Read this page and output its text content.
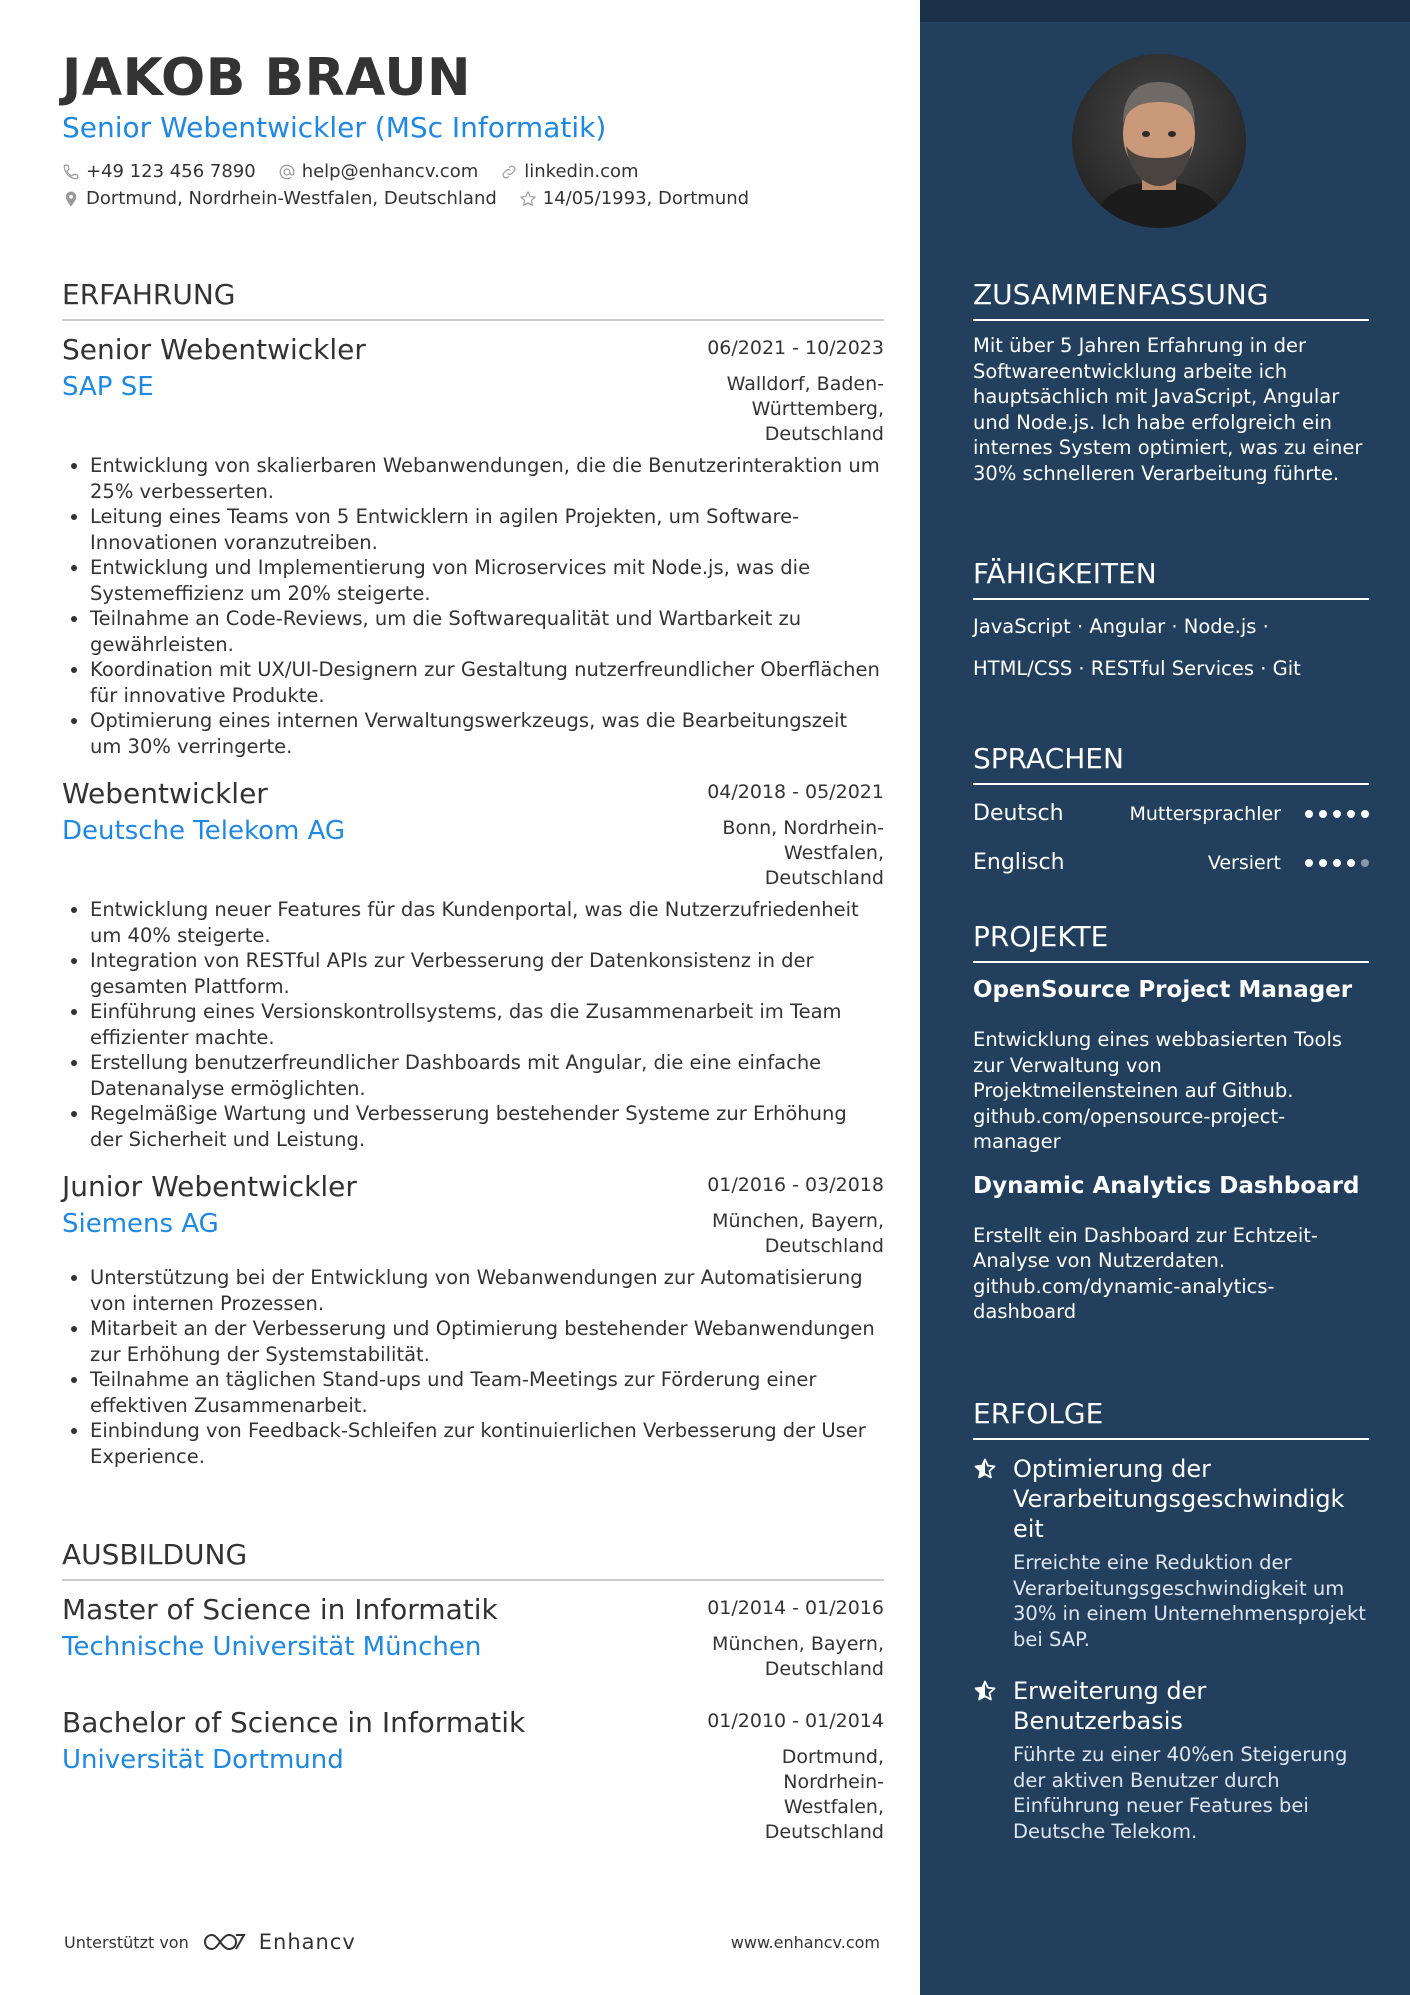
JAKOB BRAUN
Senior Webentwickler (MSc Informatik)
+49 123 456 7890	help@enhancv.com	linkedin.com
Dortmund, Nordrhein-Westfalen, Deutschland	14/05/1993, Dortmund
ERFAHRUNG
Senior Webentwickler	06/2021 - 10/2023
SAP SE	Walldorf, Baden-
Württemberg,
Deutschland
• Entwicklung von skalierbaren Webanwendungen, die die Benutzerinteraktion um 25% verbesserten.
• Leitung eines Teams von 5 Entwicklern in agilen Projekten, um Software-Innovationen voranzutreiben.
• Entwicklung und Implementierung von Microservices mit Node.js, was die Systemeffizienz um 20% steigerte.
• Teilnahme an Code-Reviews, um die Softwarequalität und Wartbarkeit zu gewährleisten.
• Koordination mit UX/UI-Designern zur Gestaltung nutzerfreundlicher Oberflächen für innovative Produkte.
• Optimierung eines internen Verwaltungswerkzeugs, was die Bearbeitungszeit um 30% verringerte.
Webentwickler	04/2018 - 05/2021
Deutsche Telekom AG	Bonn, Nordrhein-
Westfalen,
Deutschland
• Entwicklung neuer Features für das Kundenportal, was die Nutzerzufriedenheit um 40% steigerte.
• Integration von RESTful APIs zur Verbesserung der Datenkonsistenz in der gesamten Plattform.
• Einführung eines Versionskontrollsystems, das die Zusammenarbeit im Team effizienter machte.
• Erstellung benutzerfreundlicher Dashboards mit Angular, die eine einfache Datenanalyse ermöglichten.
• Regelmäßige Wartung und Verbesserung bestehender Systeme zur Erhöhung der Sicherheit und Leistung.
Junior Webentwickler	01/2016 - 03/2018
Siemens AG	München, Bayern,
Deutschland
• Unterstützung bei der Entwicklung von Webanwendungen zur Automatisierung von internen Prozessen.
• Mitarbeit an der Verbesserung und Optimierung bestehender Webanwendungen zur Erhöhung der Systemstabilität.
• Teilnahme an täglichen Stand-ups und Team-Meetings zur Förderung einer effektiven Zusammenarbeit.
• Einbindung von Feedback-Schleifen zur kontinuierlichen Verbesserung der User Experience.
AUSBILDUNG
Master of Science in Informatik	01/2014 - 01/2016
Technische Universität München	München, Bayern,
Deutschland
Bachelor of Science in Informatik	01/2010 - 01/2014
Universität Dortmund	Dortmund,
Nordrhein-
Westfalen,
Deutschland
Unterstützt von	Enhancv	www.enhancv.com
ZUSAMMENFASSUNG
Mit über 5 Jahren Erfahrung in der Softwareentwicklung arbeite ich hauptsächlich mit JavaScript, Angular und Node.js. Ich habe erfolgreich ein internes System optimiert, was zu einer 30% schnelleren Verarbeitung führte.
FÄHIGKEITEN
JavaScript · Angular · Node.js ·
HTML/CSS · RESTful Services · Git
SPRACHEN
Deutsch	Muttersprachler
Englisch	Versiert
PROJEKTE
OpenSource Project Manager
Entwicklung eines webbasierten Tools zur Verwaltung von Projektmeilensteinen auf Github. github.com/opensource-project-manager
Dynamic Analytics Dashboard
Erstellt ein Dashboard zur Echtzeit-Analyse von Nutzerdaten. github.com/dynamic-analytics-dashboard
ERFOLGE
Optimierung der Verarbeitungsgeschwindigk eit
Erreichte eine Reduktion der Verarbeitungsgeschwindigkeit um 30% in einem Unternehmensprojekt bei SAP.
Erweiterung der Benutzerbasis
Führte zu einer 40%en Steigerung der aktiven Benutzer durch Einführung neuer Features bei Deutsche Telekom.
